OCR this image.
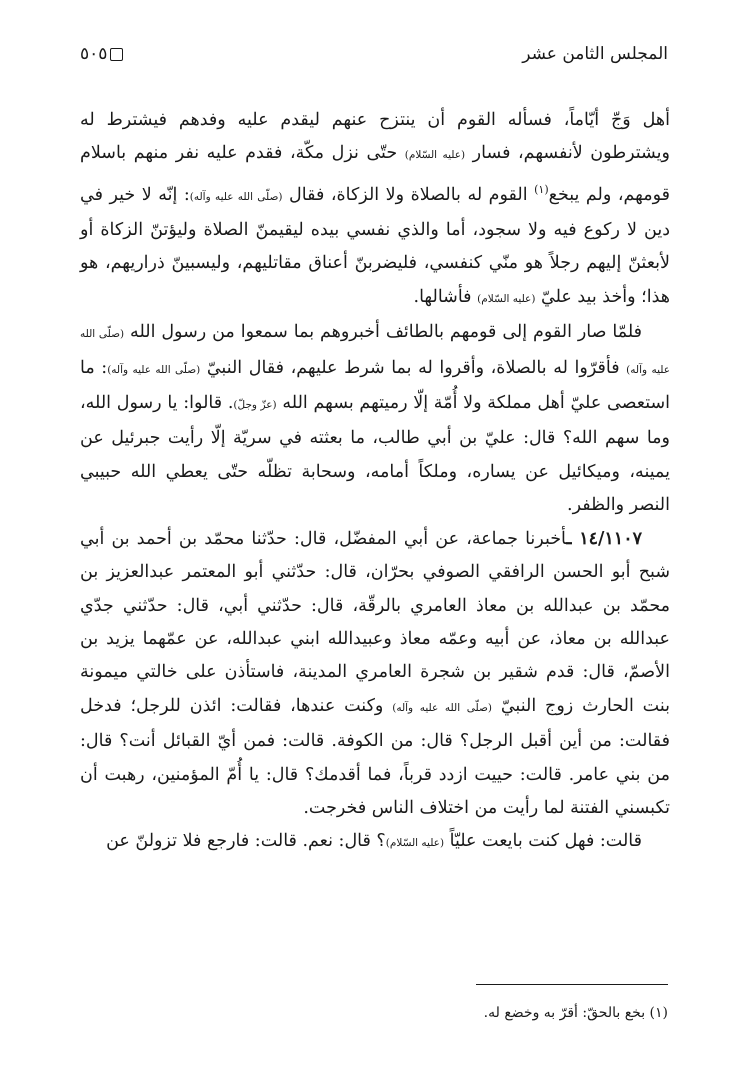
المجلس الثامن عشر
٥٠٥

أهل وَجّ أيّاماً، فسأله القوم أن ينتزح عنهم ليقدم عليه وفدهم فيشترط له ويشترطون لأنفسهم، فسار (عليه السّلام) حتّى نزل مكّة، فقدم عليه نفر منهم باسلام قومهم، ولم يبخع$^{(١)}$ القوم له بالصلاة ولا الزكاة، فقال (صلّى الله عليه وآله): إنّه لا خير في دين لا ركوع فيه ولا سجود، أما والذي نفسي بيده ليقيمنّ الصلاة وليؤتنّ الزكاة أو لأبعثنّ إليهم رجلاً هو منّي كنفسي، فليضربنّ أعناق مقاتليهم، وليسبينّ ذراريهم، هو هذا؛ وأخذ بيد عليّ (عليه السّلام) فأشالها.

فلمّا صار القوم إلى قومهم بالطائف أخبروهم بما سمعوا من رسول الله (صلّى الله عليه وآله) فأقرّوا له بالصلاة، وأقروا له بما شرط عليهم، فقال النبيّ (صلّى الله عليه وآله): ما استعصى عليّ أهل مملكة ولا أُمّة إلّا رميتهم بسهم الله (عزّ وجلّ). قالوا: يا رسول الله، وما سهم الله؟ قال: عليّ بن أبي طالب، ما بعثته في سريّة إلّا رأيت جبرئيل عن يمينه، وميكائيل عن يساره، وملكاً أمامه، وسحابة تظلّه حتّى يعطي الله حبيبي النصر والظفر.

١٤/١١٠٧ ـأخبرنا جماعة، عن أبي المفضّل، قال: حدّثنا محمّد بن أحمد بن أبي شبح أبو الحسن الرافقي الصوفي بحرّان، قال: حدّثني أبو المعتمر عبدالعزيز بن محمّد بن عبدالله بن معاذ العامري بالرقّة، قال: حدّثني أبي، قال: حدّثني جدّي عبدالله بن معاذ، عن أبيه وعمّه معاذ وعبيدالله ابني عبدالله، عن عمّهما يزيد بن الأصمّ، قال: قدم شقير بن شجرة العامري المدينة، فاستأذن على خالتي ميمونة بنت الحارث زوج النبيّ (صلّى الله عليه وآله) وكنت عندها، فقالت: ائذن للرجل؛ فدخل فقالت: من أين أقبل الرجل؟ قال: من الكوفة. قالت: فمن أيّ القبائل أنت؟ قال: من بني عامر. قالت: حييت ازدد قرباً، فما أقدمك؟ قال: يا أُمّ المؤمنين، رهبت أن تكبسني الفتنة لما رأيت من اختلاف الناس فخرجت.

قالت: فهل كنت بايعت عليّاً (عليه السّلام)؟ قال: نعم. قالت: فارجع فلا تزولنّ عن

(١) بخع بالحقّ: أقرّ به وخضع له.
